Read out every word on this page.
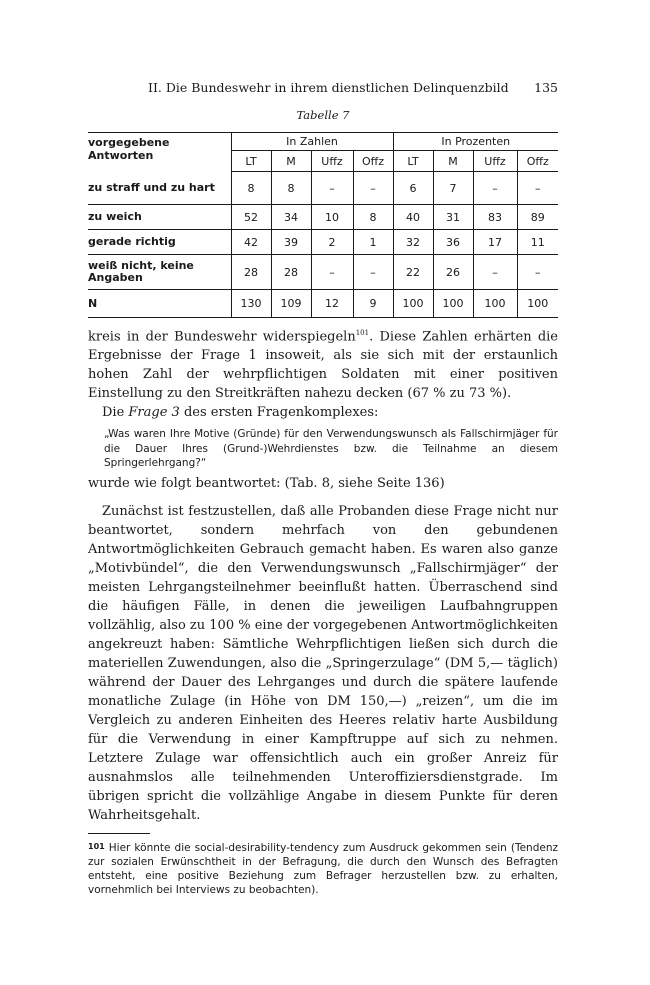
II. Die Bundeswehr in ihrem dienstlichen Delinquenzbild 135
Tabelle 7
vorgegebene Antworten	In Zahlen				In Prozenten			
	LT	M	Uffz	Offz	LT	M	Uffz	Offz
zu straff und zu hart	8	8	–	–	6	7	–	–
zu weich	52	34	10	8	40	31	83	89
gerade richtig	42	39	2	1	32	36	17	11
weiß nicht, keine Angaben	28	28	–	–	22	26	–	–
N	130	109	12	9	100	100	100	100
kreis in der Bundeswehr widerspiegeln$^{101}$. Diese Zahlen erhärten die Ergebnisse der Frage 1 insoweit, als sie sich mit der erstaunlich hohen Zahl der wehrpflichtigen Soldaten mit einer positiven Einstellung zu den Streitkräften nahezu decken (67 % zu 73 %).

Die Frage 3 des ersten Fragenkomplexes:

„Was waren Ihre Motive (Gründe) für den Verwendungswunsch als Fallschirmjäger für die Dauer Ihres (Grund-)Wehrdienstes bzw. die Teilnahme an diesem Springerlehrgang?“
wurde wie folgt beantwortet: (Tab. 8, siehe Seite 136)

Zunächst ist festzustellen, daß alle Probanden diese Frage nicht nur beantwortet, sondern mehrfach von den gebundenen Antwortmöglichkeiten Gebrauch gemacht haben. Es waren also ganze „Motivbündel“, die den Verwendungswunsch „Fallschirmjäger“ der meisten Lehrgangsteilnehmer beeinflußt hatten. Überraschend sind die häufigen Fälle, in denen die jeweiligen Laufbahngruppen vollzählig, also zu 100 % eine der vorgegebenen Antwortmöglichkeiten angekreuzt haben: Sämtliche Wehrpflichtigen ließen sich durch die materiellen Zuwendungen, also die „Springerzulage“ (DM 5,— täglich) während der Dauer des Lehrganges und durch die spätere laufende monatliche Zulage (in Höhe von DM 150,—) „reizen“, um die im Vergleich zu anderen Einheiten des Heeres relativ harte Ausbildung für die Verwendung in einer Kampftruppe auf sich zu nehmen. Letztere Zulage war offensichtlich auch ein großer Anreiz für ausnahmslos alle teilnehmenden Unteroffiziersdienstgrade. Im übrigen spricht die vollzählige Angabe in diesem Punkte für deren Wahrheitsgehalt.

101 Hier könnte die social-desirability-tendency zum Ausdruck gekommen sein (Tendenz zur sozialen Erwünschtheit in der Befragung, die durch den Wunsch des Befragten entsteht, eine positive Beziehung zum Befrager herzustellen bzw. zu erhalten, vornehmlich bei Interviews zu beobachten).
